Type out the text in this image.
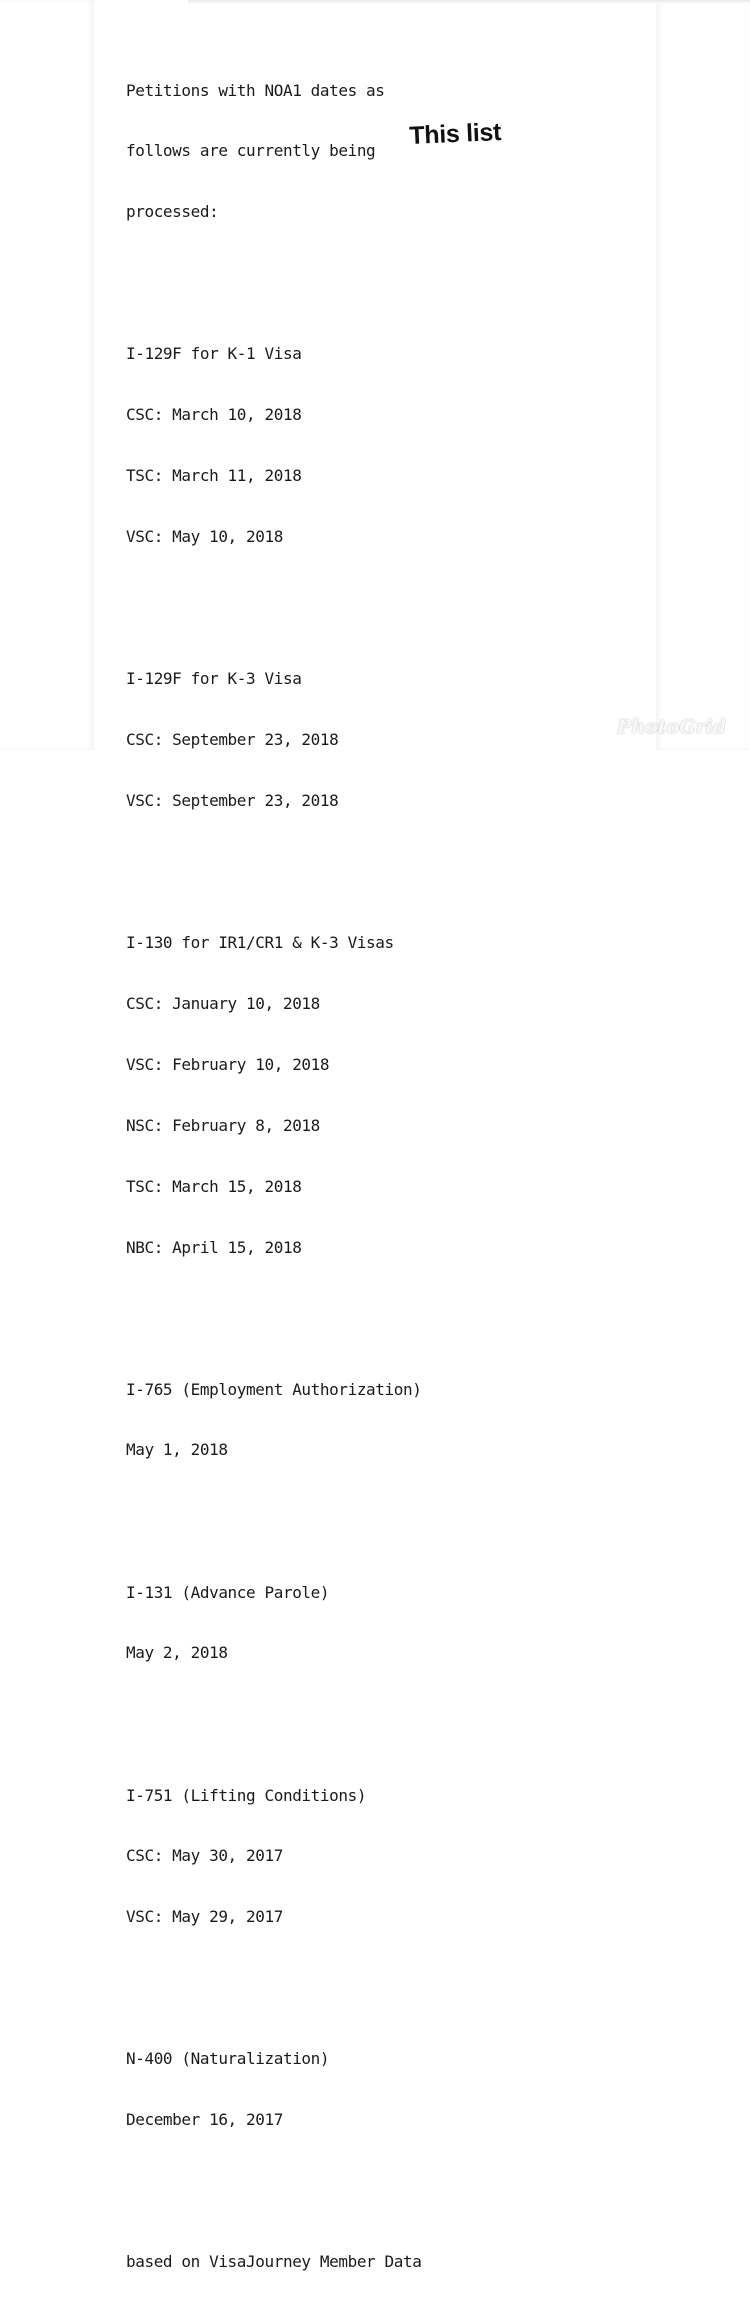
Petitions with NOA1 dates as

follows are currently being

processed:

I-129F for K-1 Visa

CSC: March 10, 2018

TSC: March 11, 2018

VSC: May 10, 2018

I-129F for K-3 Visa

CSC: September 23, 2018

VSC: September 23, 2018

I-130 for IR1/CR1 & K-3 Visas

CSC: January 10, 2018

VSC: February 10, 2018

NSC: February 8, 2018

TSC: March 15, 2018

NBC: April 15, 2018

I-765 (Employment Authorization)

May 1, 2018

I-131 (Advance Parole)

May 2, 2018

I-751 (Lifting Conditions)

CSC: May 30, 2017

VSC: May 29, 2017

N-400 (Naturalization)

December 16, 2017

based on VisaJourney Member Data

This list
PhotoGrid
